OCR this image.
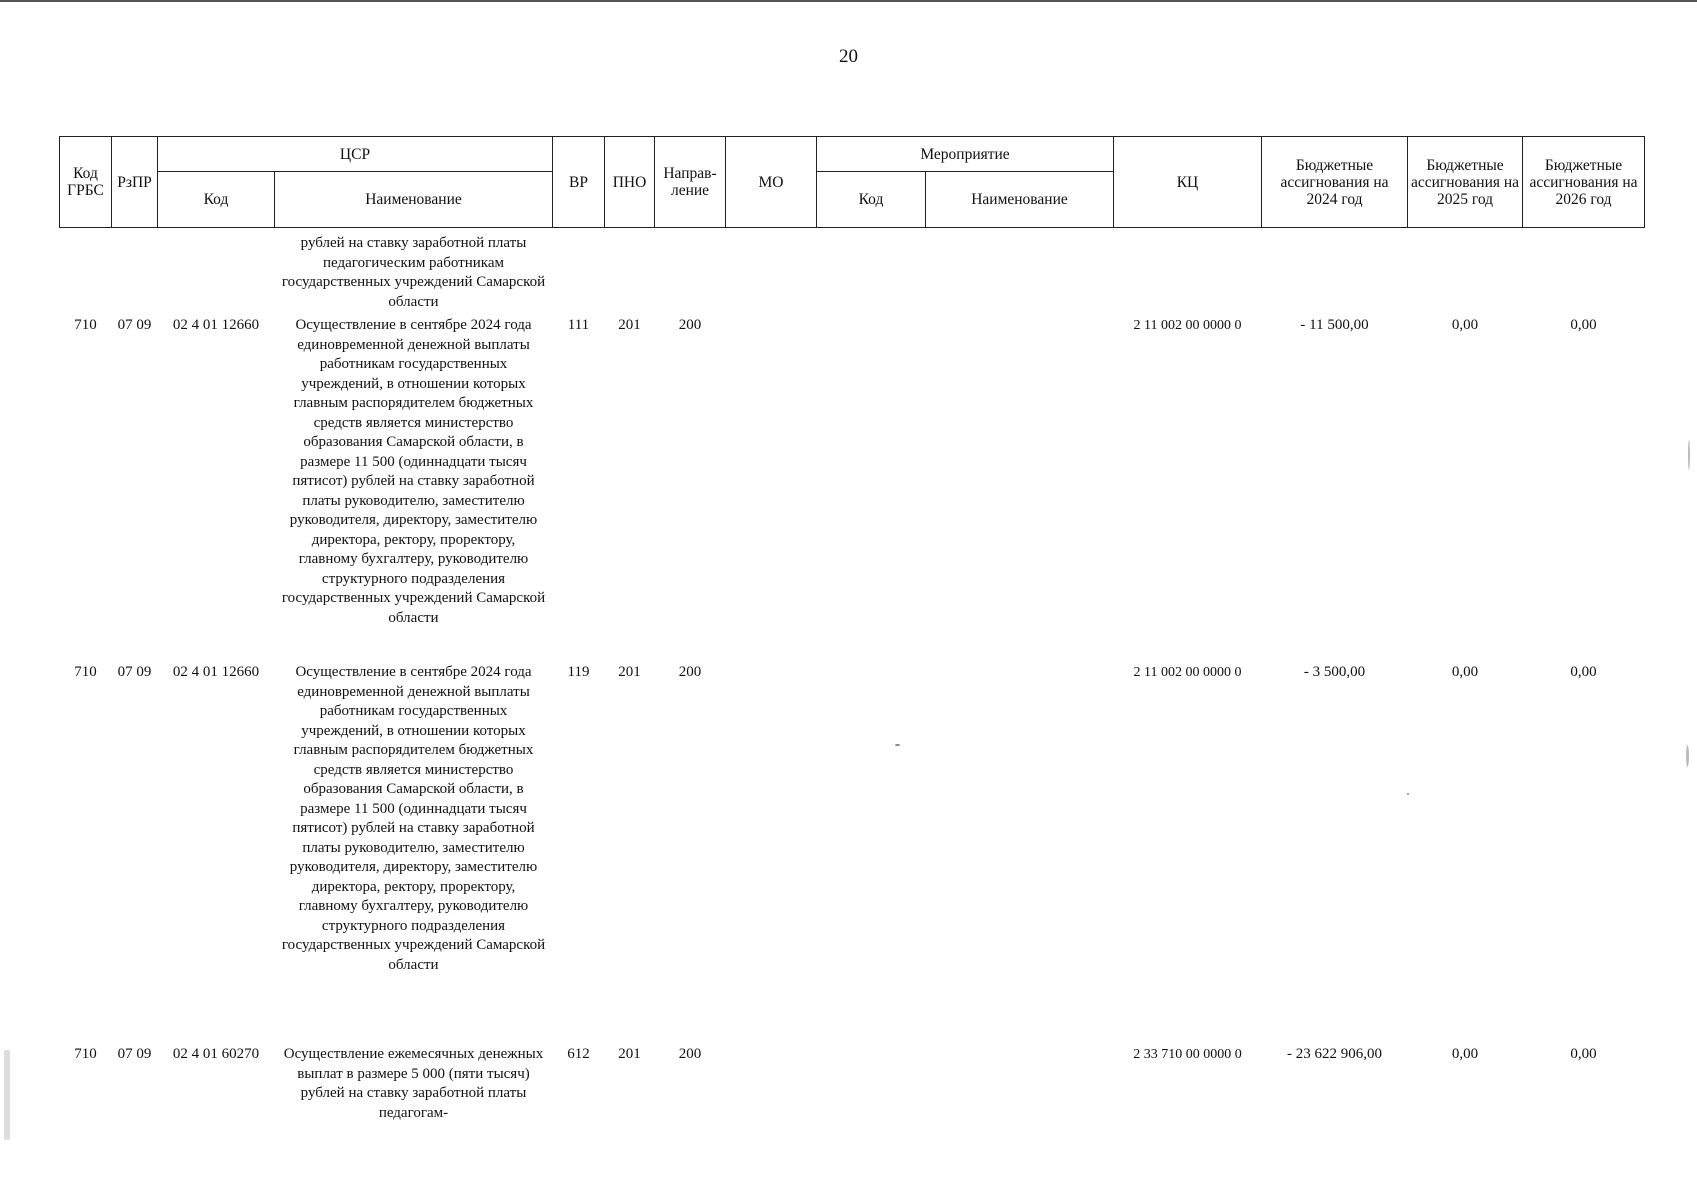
20
Код ГРБС	РзПР	ЦСР		ВР	ПНО	Направ-ление	МО	Мероприятие		КЦ	Бюджетные ассигнования на 2024 год	Бюджетные ассигнования на 2025 год	Бюджетные ассигнования на 2026 год
		Код	Наименование					Код	Наименование				
			рублей на ставку заработной платы педагогическим работникам государственных учреждений Самарской области										
710	07 09	02 4 01 12660	Осуществление в сентябре 2024 года единовременной денежной выплаты работникам государственных учреждений, в отношении которых главным распорядителем бюджетных средств является министерство образования Самарской области, в размере 11 500 (одиннадцати тысяч пятисот) рублей на ставку заработной платы руководителю, заместителю руководителя, директору, заместителю директора, ректору, проректору, главному бухгалтеру, руководителю структурного подразделения государственных учреждений Самарской области	111	201	200				2 11 002 00 0000 0	- 11 500,00	0,00	0,00
710	07 09	02 4 01 12660	Осуществление в сентябре 2024 года единовременной денежной выплаты работникам государственных учреждений, в отношении которых главным распорядителем бюджетных средств является министерство образования Самарской области, в размере 11 500 (одиннадцати тысяч пятисот) рублей на ставку заработной платы руководителю, заместителю руководителя, директору, заместителю директора, ректору, проректору, главному бухгалтеру, руководителю структурного подразделения государственных учреждений Самарской области	119	201	200				2 11 002 00 0000 0	- 3 500,00	0,00	0,00
710	07 09	02 4 01 60270	Осуществление ежемесячных денежных выплат в размере 5 000 (пяти тысяч) рублей на ставку заработной платы педагогам-	612	201	200				2 33 710 00 0000 0	- 23 622 906,00	0,00	0,00
